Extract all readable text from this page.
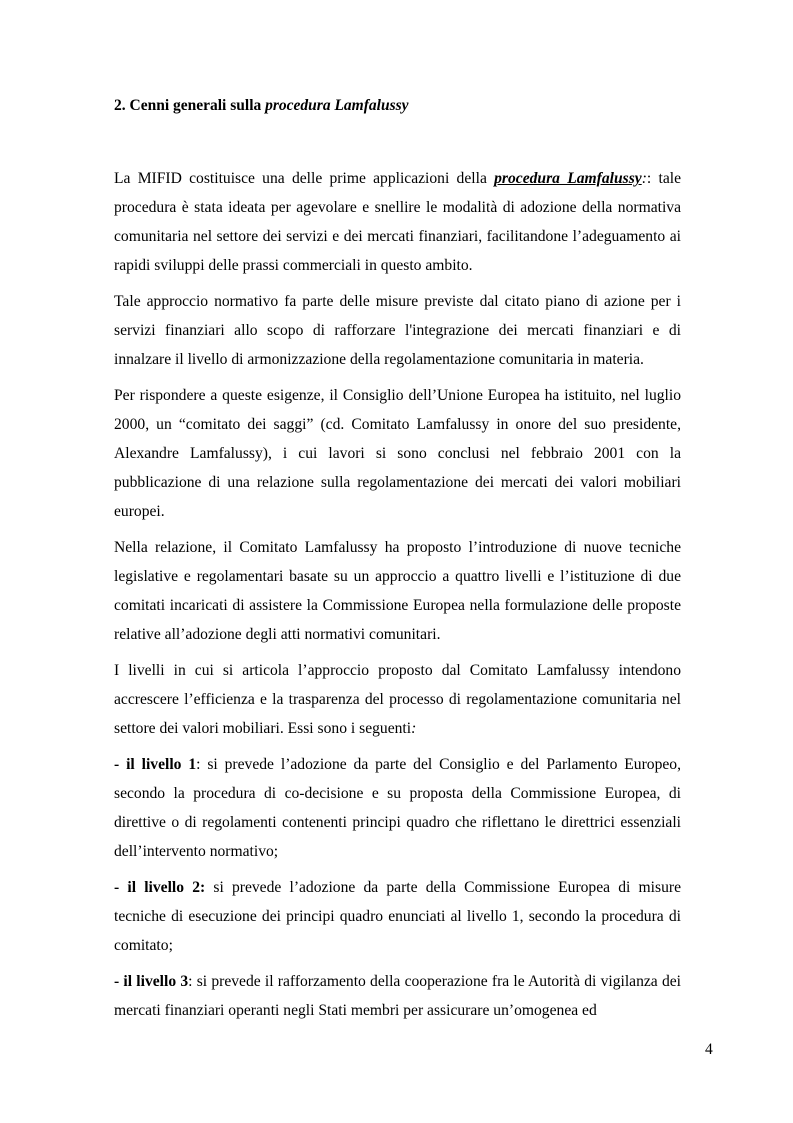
2. Cenni generali sulla procedura Lamfalussy

La MIFID costituisce una delle prime applicazioni della procedura Lamfalussy:: tale procedura è stata ideata per agevolare e snellire le modalità di adozione della normativa comunitaria nel settore dei servizi e dei mercati finanziari, facilitandone l’adeguamento ai rapidi sviluppi delle prassi commerciali in questo ambito.

Tale approccio normativo fa parte delle misure previste dal citato piano di azione per i servizi finanziari allo scopo di rafforzare l'integrazione dei mercati finanziari e di innalzare il livello di armonizzazione della regolamentazione comunitaria in materia.

Per rispondere a queste esigenze, il Consiglio dell’Unione Europea ha istituito, nel luglio 2000, un “comitato dei saggi” (cd. Comitato Lamfalussy in onore del suo presidente, Alexandre Lamfalussy), i cui lavori si sono conclusi nel febbraio 2001 con la pubblicazione di una relazione sulla regolamentazione dei mercati dei valori mobiliari europei.

Nella relazione, il Comitato Lamfalussy ha proposto l’introduzione di nuove tecniche legislative e regolamentari basate su un approccio a quattro livelli e l’istituzione di due comitati incaricati di assistere la Commissione Europea nella formulazione delle proposte relative all’adozione degli atti normativi comunitari.

I livelli in cui si articola l’approccio proposto dal Comitato Lamfalussy intendono accrescere l’efficienza e la trasparenza del processo di regolamentazione comunitaria nel settore dei valori mobiliari. Essi sono i seguenti:

- il livello 1: si prevede l’adozione da parte del Consiglio e del Parlamento Europeo, secondo la procedura di co-decisione e su proposta della Commissione Europea, di direttive o di regolamenti contenenti principi quadro che riflettano le direttrici essenziali dell’intervento normativo;

- il livello 2: si prevede l’adozione da parte della Commissione Europea di misure tecniche di esecuzione dei principi quadro enunciati al livello 1, secondo la procedura di comitato;

- il livello 3: si prevede il rafforzamento della cooperazione fra le Autorità di vigilanza dei mercati finanziari operanti negli Stati membri per assicurare un’omogenea ed

4
